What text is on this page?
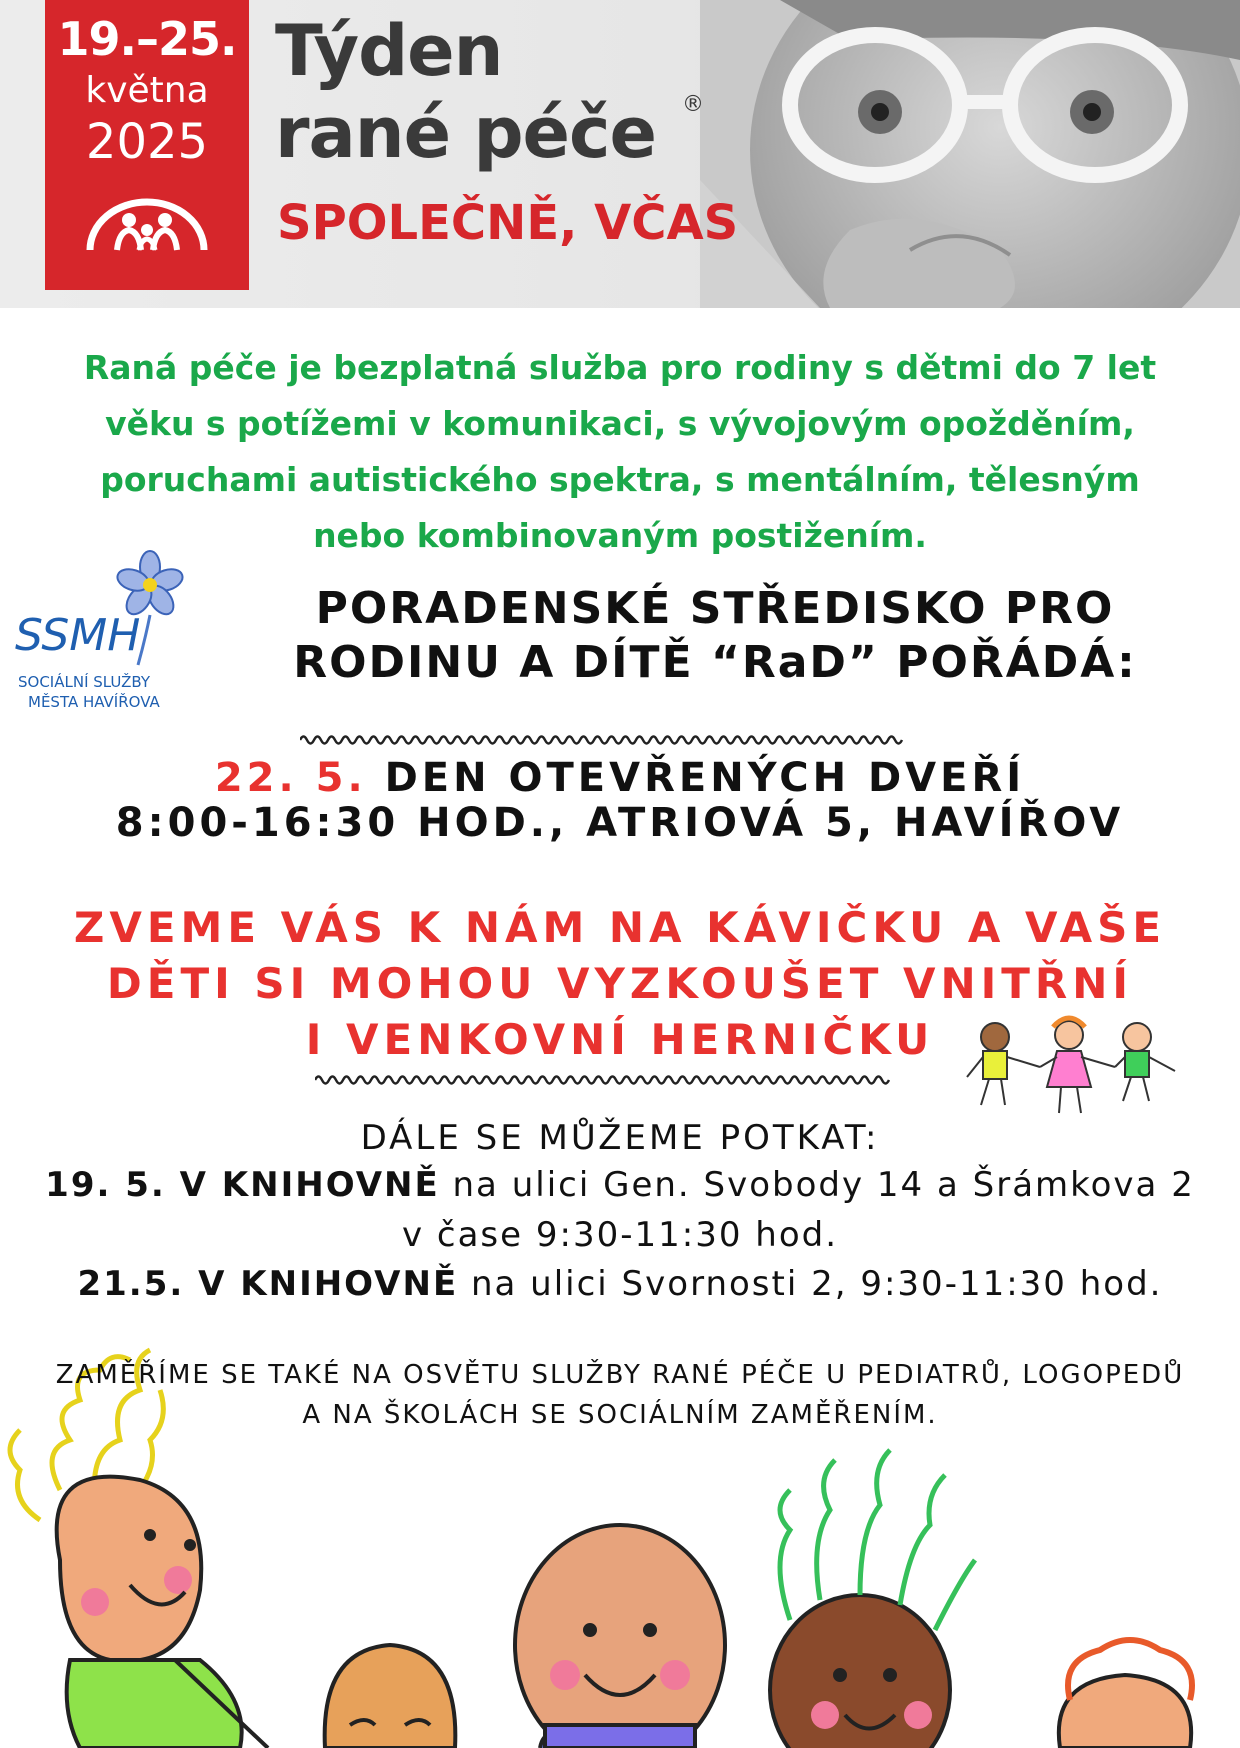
19.–25.
května
2025
Týden
rané péče ®
SPOLEČNĚ, VČAS
Raná péče je bezplatná služba pro rodiny s dětmi do 7 let
věku s potížemi v komunikaci, s vývojovým opožděním,
poruchami autistického spektra, s mentálním, tělesným
nebo kombinovaným postižením.
SSMH
SOCIÁLNÍ SLUŽBY
MĚSTA HAVÍŘOVA
PORADENSKÉ STŘEDISKO PRO
RODINU A DÍTĚ “RaD” POŘÁDÁ:
22. 5. DEN OTEVŘENÝCH DVEŘÍ
8:00-16:30 HOD., ATRIOVÁ 5, HAVÍŘOV
ZVEME VÁS K NÁM NA KÁVIČKU A VAŠE
DĚTI SI MOHOU VYZKOUŠET VNITŘNÍ
I VENKOVNÍ HERNIČKU
DÁLE SE MŮŽEME POTKAT:
19. 5. V KNIHOVNĚ na ulici Gen. Svobody 14 a Šrámkova 2
v čase 9:30-11:30 hod.
21.5. V KNIHOVNĚ na ulici Svornosti 2, 9:30-11:30 hod.
ZAMĚŘÍME SE TAKÉ NA OSVĚTU SLUŽBY RANÉ PÉČE U PEDIATRŮ, LOGOPEDŮ
A NA ŠKOLÁCH SE SOCIÁLNÍM ZAMĚŘENÍM.
